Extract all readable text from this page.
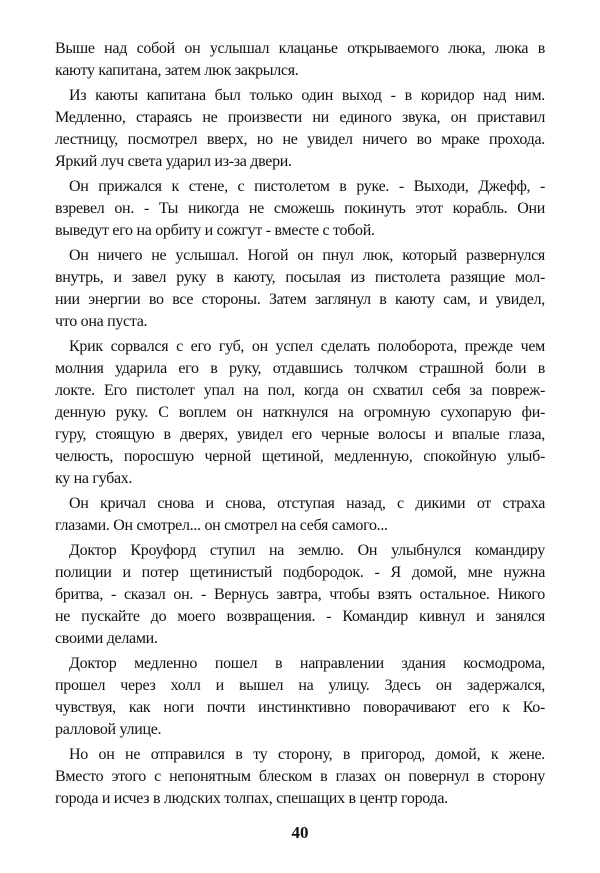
Выше над собой он услышал клацанье открываемого люка, люка в
каюту капитана, затем люк закрылся.
Из каюты капитана был только один выход - в коридор над ним.
Медленно, стараясь не произвести ни единого звука, он приставил
лестницу, посмотрел вверх, но не увидел ничего во мраке прохода.
Яркий луч света ударил из-за двери.
Он прижался к стене, с пистолетом в руке. - Выходи, Джефф, -
взревел он. - Ты никогда не сможешь покинуть этот корабль. Они
выведут его на орбиту и сожгут - вместе с тобой.
Он ничего не услышал. Ногой он пнул люк, который развернулся
внутрь, и завел руку в каюту, посылая из пистолета разящие мол-
нии энергии во все стороны. Затем заглянул в каюту сам, и увидел,
что она пуста.
Крик сорвался с его губ, он успел сделать полоборота, прежде чем
молния ударила его в руку, отдавшись толчком страшной боли в
локте. Его пистолет упал на пол, когда он схватил себя за повреж-
денную руку. С воплем он наткнулся на огромную сухопарую фи-
гуру, стоящую в дверях, увидел его черные волосы и впалые глаза,
челюсть, поросшую черной щетиной, медленную, спокойную улыб-
ку на губах.
Он кричал снова и снова, отступая назад, с дикими от страха
глазами. Он смотрел... он смотрел на себя самого...
Доктор Кроуфорд ступил на землю. Он улыбнулся командиру
полиции и потер щетинистый подбородок. - Я домой, мне нужна
бритва, - сказал он. - Вернусь завтра, чтобы взять остальное. Никого
не пускайте до моего возвращения. - Командир кивнул и занялся
своими делами.
Доктор медленно пошел в направлении здания космодрома,
прошел через холл и вышел на улицу. Здесь он задержался,
чувствуя, как ноги почти инстинктивно поворачивают его к Ко-
ралловой улице.
Но он не отправился в ту сторону, в пригород, домой, к жене.
Вместо этого с непонятным блеском в глазах он повернул в сторону
города и исчез в людских толпах, спешащих в центр города.
40
